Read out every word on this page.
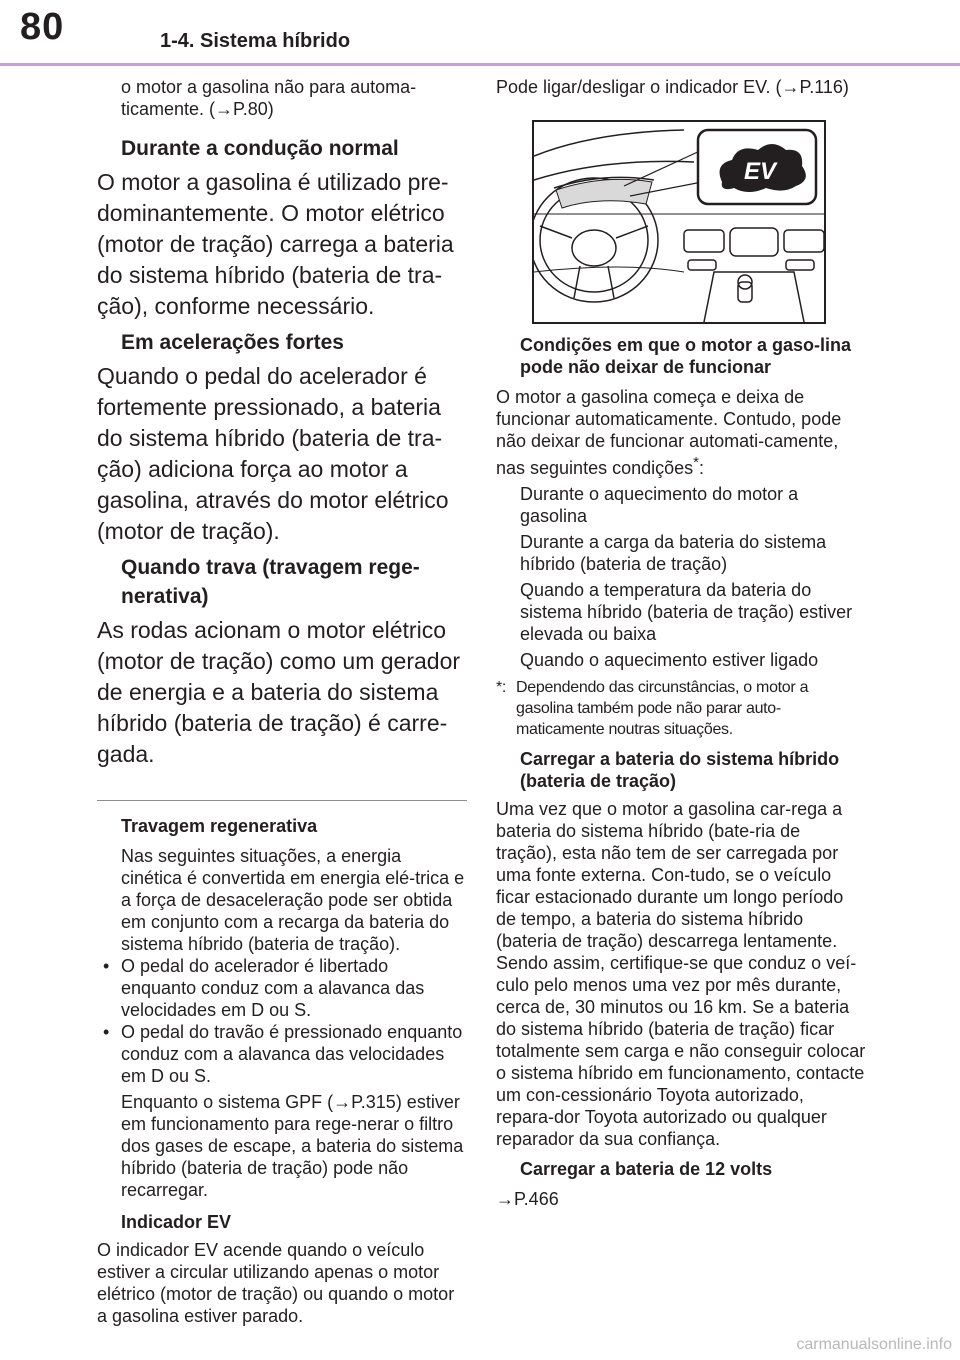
80	1-4. Sistema híbrido

o motor a gasolina não para automa-ticamente. (→P.80)

Durante a condução normal

O motor a gasolina é utilizado pre-dominantemente. O motor elétrico (motor de tração) carrega a bateria do sistema híbrido (bateria de tra-ção), conforme necessário.

Em acelerações fortes

Quando o pedal do acelerador é fortemente pressionado, a bateria do sistema híbrido (bateria de tra-ção) adiciona força ao motor a gasolina, através do motor elétrico (motor de tração).

Quando trava (travagem rege-nerativa)

As rodas acionam o motor elétrico (motor de tração) como um gerador de energia e a bateria do sistema híbrido (bateria de tração) é carre-gada.

Travagem regenerativa

Nas seguintes situações, a energia cinética é convertida em energia elé-trica e a força de desaceleração pode ser obtida em conjunto com a recarga da bateria do sistema híbrido (bateria de tração).

• O pedal do acelerador é libertado enquanto conduz com a alavanca das velocidades em D ou S.
• O pedal do travão é pressionado enquanto conduz com a alavanca das velocidades em D ou S.

Enquanto o sistema GPF (→P.315) estiver em funcionamento para rege-nerar o filtro dos gases de escape, a bateria do sistema híbrido (bateria de tração) pode não recarregar.

Indicador EV

O indicador EV acende quando o veículo estiver a circular utilizando apenas o motor elétrico (motor de tração) ou quando o motor a gasolina estiver parado.

Pode ligar/desligar o indicador EV. (→P.116)

EV

Condições em que o motor a gaso-lina pode não deixar de funcionar

O motor a gasolina começa e deixa de funcionar automaticamente. Contudo, pode não deixar de funcionar automati-camente, nas seguintes condições*:

Durante o aquecimento do motor a gasolina

Durante a carga da bateria do sistema híbrido (bateria de tração)

Quando a temperatura da bateria do sistema híbrido (bateria de tração) estiver elevada ou baixa

Quando o aquecimento estiver ligado

*: Dependendo das circunstâncias, o motor a gasolina também pode não parar auto-maticamente noutras situações.

Carregar a bateria do sistema híbrido (bateria de tração)

Uma vez que o motor a gasolina car-rega a bateria do sistema híbrido (bate-ria de tração), esta não tem de ser carregada por uma fonte externa. Con-tudo, se o veículo ficar estacionado durante um longo período de tempo, a bateria do sistema híbrido (bateria de tração) descarrega lentamente. Sendo assim, certifique-se que conduz o veí-culo pelo menos uma vez por mês durante, cerca de, 30 minutos ou 16 km. Se a bateria do sistema híbrido (bateria de tração) ficar totalmente sem carga e não conseguir colocar o sistema híbrido em funcionamento, contacte um con-cessionário Toyota autorizado, repara-dor Toyota autorizado ou qualquer reparador da sua confiança.

Carregar a bateria de 12 volts

→P.466

carmanualsonline.info
